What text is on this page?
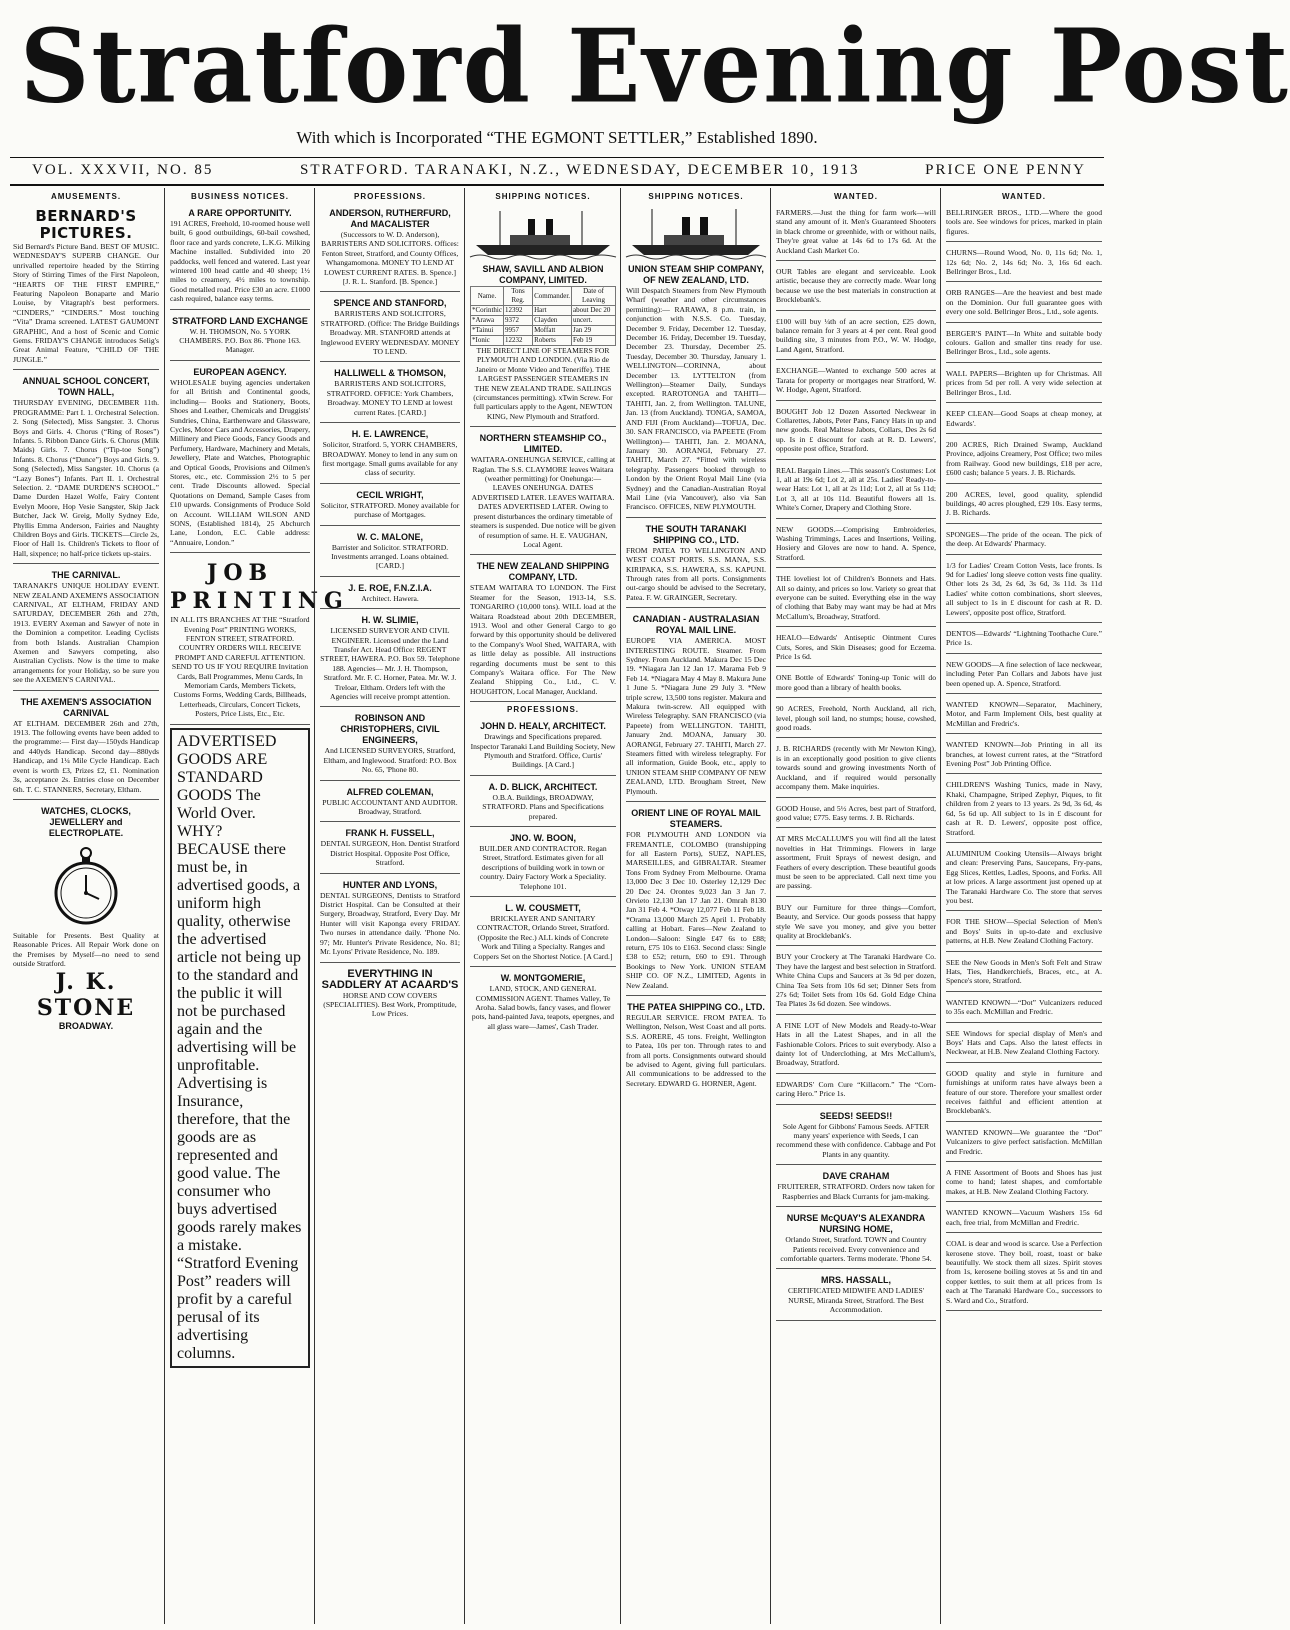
Stratford Evening Post
With which is Incorporated “THE EGMONT SETTLER,” Established 1890.
VOL. XXXVII, NO. 85	STRATFORD. TARANAKI, N.Z., WEDNESDAY, DECEMBER 10, 1913	PRICE ONE PENNY
AMUSEMENTS.
BERNARD'S PICTURES.
Sid Bernard's Picture Band. BEST OF MUSIC. WEDNESDAY'S SUPERB CHANGE. Our unrivalled repertoire headed by the Stirring Story of Stirring Times of the First Napoleon, “HEARTS OF THE FIRST EMPIRE,” Featuring Napoleon Bonaparte and Mario Louise, by Vitagraph's best performers. “CINDERS,” “CINDERS.” Most touching “Vita” Drama screened. LATEST GAUMONT GRAPHIC, And a host of Scenic and Comic Gems. FRIDAY'S CHANGE introduces Selig's Great Animal Feature, “CHILD OF THE JUNGLE.”
ANNUAL SCHOOL CONCERT, TOWN HALL,
THURSDAY EVENING, DECEMBER 11th. PROGRAMME: Part I. 1. Orchestral Selection. 2. Song (Selected), Miss Sangster. 3. Chorus Boys and Girls. 4. Chorus (“Ring of Roses”) Infants. 5. Ribbon Dance Girls. 6. Chorus (Milk Maids) Girls. 7. Chorus (“Tip-toe Song”) Infants. 8. Chorus (“Dunce”) Boys and Girls. 9. Song (Selected), Miss Sangster. 10. Chorus (a “Lazy Bones”) Infants. Part II. 1. Orchestral Selection. 2. “DAME DURDEN'S SCHOOL.” Dame Durden Hazel Wolfe, Fairy Content Evelyn Moore, Hop Vesie Sangster, Skip Jack Butcher, Jack W. Greig, Molly Sydney Ede, Phyllis Emma Anderson, Fairies and Naughty Children Boys and Girls. TICKETS—Circle 2s, Floor of Hall 1s. Children's Tickets to floor of Hall, sixpence; no half-price tickets up-stairs.
THE CARNIVAL.
TARANAKI'S UNIQUE HOLIDAY EVENT. NEW ZEALAND AXEMEN'S ASSOCIATION CARNIVAL, AT ELTHAM, FRIDAY AND SATURDAY, DECEMBER 26th and 27th, 1913. EVERY Axeman and Sawyer of note in the Dominion a competitor. Leading Cyclists from both Islands. Australian Champion Axemen and Sawyers competing, also Australian Cyclists. Now is the time to make arrangements for your Holiday, so be sure you see the AXEMEN'S CARNIVAL.
THE AXEMEN'S ASSOCIATION CARNIVAL
AT ELTHAM. DECEMBER 26th and 27th, 1913. The following events have been added to the programme:— First day—150yds Handicap and 440yds Handicap. Second day—880yds Handicap, and 1¼ Mile Cycle Handicap. Each event is worth £3, Prizes £2, £1. Nomination 3s, acceptance 2s. Entries close on December 6th. T. C. STANNERS, Secretary, Eltham.
WATCHES, CLOCKS, JEWELLERY and ELECTROPLATE.
Suitable for Presents. Best Quality at Reasonable Prices. All Repair Work done on the Premises by Myself—no need to send outside Stratford.
J. K. STONE
BROADWAY.
BUSINESS NOTICES.
A RARE OPPORTUNITY.
191 ACRES, Freehold, 10-roomed house well built, 6 good outbuildings, 60-bail cowshed, floor race and yards concrete, L.K.G. Milking Machine installed. Subdivided into 20 paddocks, well fenced and watered. Last year wintered 100 head cattle and 40 sheep; 1½ miles to creamery, 4½ miles to township. Good metalled road. Price £30 an acre. £1000 cash required, balance easy terms.
STRATFORD LAND EXCHANGE
W. H. THOMSON, No. 5 YORK CHAMBERS. P.O. Box 86. 'Phone 163. Manager.
EUROPEAN AGENCY.
WHOLESALE buying agencies undertaken for all British and Continental goods, including— Books and Stationery, Boots, Shoes and Leather, Chemicals and Druggists' Sundries, China, Earthenware and Glassware, Cycles, Motor Cars and Accessories, Drapery, Millinery and Piece Goods, Fancy Goods and Perfumery, Hardware, Machinery and Metals, Jewellery, Plate and Watches, Photographic and Optical Goods, Provisions and Oilmen's Stores, etc., etc. Commission 2½ to 5 per cent. Trade Discounts allowed. Special Quotations on Demand, Sample Cases from £10 upwards. Consignments of Produce Sold on Account. WILLIAM WILSON AND SONS, (Established 1814), 25 Abchurch Lane, London, E.C. Cable address: “Annuaire, London.”
JOB PRINTING
IN ALL ITS BRANCHES AT THE “Stratford Evening Post” PRINTING WORKS, FENTON STREET, STRATFORD. COUNTRY ORDERS WILL RECEIVE PROMPT AND CAREFUL ATTENTION. SEND TO US IF YOU REQUIRE Invitation Cards, Ball Programmes, Menu Cards, In Memoriam Cards, Members Tickets, Customs Forms, Wedding Cards, Billheads, Letterheads, Circulars, Concert Tickets, Posters, Price Lists, Etc., Etc.
ADVERTISED GOODS ARE STANDARD GOODS The World Over. WHY?
BECAUSE there must be, in advertised goods, a uniform high quality, otherwise the advertised article not being up to the standard and the public it will not be purchased again and the advertising will be unprofitable. Advertising is Insurance, therefore, that the goods are as represented and good value. The consumer who buys advertised goods rarely makes a mistake. “Stratford Evening Post” readers will profit by a careful perusal of its advertising columns.
PROFESSIONS.
ANDERSON, RUTHERFURD, And MACALISTER
(Successors to W. D. Anderson), BARRISTERS AND SOLICITORS. Offices: Fenton Street, Stratford, and County Offices, Whangamomona. MONEY TO LEND AT LOWEST CURRENT RATES. B. Spence.] [J. R. L. Stanford. [B. Spence.]
SPENCE AND STANFORD,
BARRISTERS AND SOLICITORS, STRATFORD. (Office: The Bridge Buildings Broadway. MR. STANFORD attends at Inglewood EVERY WEDNESDAY. MONEY TO LEND.
HALLIWELL & THOMSON,
BARRISTERS AND SOLICITORS, STRATFORD. OFFICE: York Chambers, Broadway. MONEY TO LEND at lowest current Rates. [CARD.]
H. E. LAWRENCE,
Solicitor, Stratford. 5, YORK CHAMBERS, BROADWAY. Money to lend in any sum on first mortgage. Small gums available for any class of security.
CECIL WRIGHT,
Solicitor, STRATFORD. Money available for purchase of Mortgages.
W. C. MALONE,
Barrister and Solicitor. STRATFORD. Investments arranged. Loans obtained. [CARD.]
J. E. ROE, F.N.Z.I.A.
Architect. Hawera.
H. W. SLIMIE,
LICENSED SURVEYOR AND CIVIL ENGINEER. Licensed under the Land Transfer Act. Head Office: REGENT STREET, HAWERA. P.O. Box 59. Telephone 188. Agencies— Mr. J. H. Thompson, Stratford. Mr. F. C. Horner, Patea. Mr. W. J. Treloar, Eltham. Orders left with the Agencies will receive prompt attention.
ROBINSON AND CHRISTOPHERS, CIVIL ENGINEERS,
And LICENSED SURVEYORS, Stratford, Eltham, and Inglewood. Stratford: P.O. Box No. 65, 'Phone 80.
ALFRED COLEMAN,
PUBLIC ACCOUNTANT AND AUDITOR. Broadway, Stratford.
FRANK H. FUSSELL,
DENTAL SURGEON, Hon. Dentist Stratford District Hospital. Opposite Post Office, Stratford.
HUNTER AND LYONS,
DENTAL SURGEONS, Dentists to Stratford District Hospital. Can be Consulted at their Surgery, Broadway, Stratford, Every Day. Mr Hunter will visit Kaponga every FRIDAY. Two nurses in attendance daily. 'Phone No. 97; Mr. Hunter's Private Residence, No. 81; Mr. Lyons' Private Residence, No. 189.
EVERYTHING IN SADDLERY AT ACAARD'S
HORSE AND COW COVERS (SPECIALITIES). Best Work, Promptitude, Low Prices.
SHIPPING NOTICES.
SHAW, SAVILL AND ALBION COMPANY, LIMITED.
Name.	Tons Reg.	Commander.	Date of Leaving
*Corinthic	12392	Hart	about Dec 20
*Arawa	9372	Clayden	uncert.
*Tainui	9957	Moffatt	Jan 29
*Ionic	12232	Roberts	Feb 19
THE DIRECT LINE OF STEAMERS FOR PLYMOUTH AND LONDON. (Via Rio de Janeiro or Monte Video and Teneriffe). THE LARGEST PASSENGER STEAMERS IN THE NEW ZEALAND TRADE. SAILINGS (circumstances permitting). xTwin Screw. For full particulars apply to the Agent, NEWTON KING, New Plymouth and Stratford.
NORTHERN STEAMSHIP CO., LIMITED.
WAITARA-ONEHUNGA SERVICE, calling at Raglan. The S.S. CLAYMORE leaves Waitara (weather permitting) for Onehunga:— LEAVES ONEHUNGA. DATES ADVERTISED LATER. LEAVES WAITARA. DATES ADVERTISED LATER. Owing to present disturbances the ordinary timetable of steamers is suspended. Due notice will be given of resumption of same. H. E. VAUGHAN, Local Agent.
THE NEW ZEALAND SHIPPING COMPANY, LTD.
STEAM WAITARA TO LONDON. The First Steamer for the Season, 1913-14, S.S. TONGARIRO (10,000 tons). WILL load at the Waitara Roadstead about 20th DECEMBER, 1913. Wool and other General Cargo to go forward by this opportunity should be delivered to the Company's Wool Shed, WAITARA, with as little delay as possible. All instructions regarding documents must be sent to this Company's Waitara office. For The New Zealand Shipping Co., Ltd., C. V. HOUGHTON, Local Manager, Auckland.
PROFESSIONS.
JOHN D. HEALY, ARCHITECT.
Drawings and Specifications prepared. Inspector Taranaki Land Building Society, New Plymouth and Stratford. Office, Curtis' Buildings. [A Card.]
A. D. BLICK, ARCHITECT.
O.B.A. Buildings, BROADWAY, STRATFORD. Plans and Specifications prepared.
JNO. W. BOON,
BUILDER AND CONTRACTOR. Regan Street, Stratford. Estimates given for all descriptions of building work in town or country. Dairy Factory Work a Speciality. Telephone 101.
L. W. COUSMETT,
BRICKLAYER AND SANITARY CONTRACTOR, Orlando Street, Stratford. (Opposite the Rec.) ALL kinds of Concrete Work and Tiling a Specialty. Ranges and Coppers Set on the Shortest Notice. [A Card.]
W. MONTGOMERIE,
LAND, STOCK, AND GENERAL COMMISSION AGENT. Thames Valley, Te Aroha. Salad bowls, fancy vases, and flower pots, hand-painted Java, teapots, epergnes, and all glass ware—James', Cash Trader.
SHIPPING NOTICES.
UNION STEAM SHIP COMPANY, OF NEW ZEALAND, LTD.
Will Despatch Steamers from New Plymouth Wharf (weather and other circumstances permitting):— RARAWA, 8 p.m. train, in conjunction with N.S.S. Co. Tuesday, December 9. Friday, December 12. Tuesday, December 16. Friday, December 19. Tuesday, December 23. Thursday, December 25. Tuesday, December 30. Thursday, January 1. WELLINGTON—CORINNA, about December 13. LYTTELTON (from Wellington)—Steamer Daily, Sundays excepted. RAROTONGA and TAHITI—TAHITI, Jan. 2, from Wellington. TALUNE, Jan. 13 (from Auckland). TONGA, SAMOA, AND FIJI (From Auckland)—TOFUA, Dec. 30. SAN FRANCISCO, via PAPEETE (From Wellington)— TAHITI, Jan. 2. MOANA, January 30. AORANGI, February 27. TAHITI, March 27. *Fitted with wireless telegraphy. Passengers booked through to London by the Orient Royal Mail Line (via Sydney) and the Canadian-Australian Royal Mail Line (via Vancouver), also via San Francisco. OFFICES, NEW PLYMOUTH.
THE SOUTH TARANAKI SHIPPING CO., LTD.
FROM PATEA TO WELLINGTON AND WEST COAST PORTS. S.S. MANA, S.S. KIRIPAKA, S.S. HAWERA, S.S. KAPUNI. Through rates from all ports. Consignments out-cargo should be advised to the Secretary, Patea. F. W. GRAINGER, Secretary.
CANADIAN - AUSTRALASIAN ROYAL MAIL LINE.
EUROPE VIA AMERICA. MOST INTERESTING ROUTE. Steamer. From Sydney. From Auckland. Makura Dec 15 Dec 19. *Niagara Jan 12 Jan 17. Marama Feb 9 Feb 14. *Niagara May 4 May 8. Makura June 1 June 5. *Niagara June 29 July 3. *New triple screw, 13,500 tons register. Makura and Makura twin-screw. All equipped with Wireless Telegraphy. SAN FRANCISCO (via Papeete) from WELLINGTON. TAHITI, January 2nd. MOANA, January 30. AORANGI, February 27. TAHITI, March 27. Steamers fitted with wireless telegraphy. For all information, Guide Book, etc., apply to UNION STEAM SHIP COMPANY OF NEW ZEALAND, LTD. Brougham Street, New Plymouth.
ORIENT LINE OF ROYAL MAIL STEAMERS.
FOR PLYMOUTH AND LONDON via FREMANTLE, COLOMBO (transhipping for all Eastern Ports), SUEZ, NAPLES, MARSEILLES, and GIBRALTAR. Steamer Tons From Sydney From Melbourne. Orama 13,000 Dec 3 Dec 10. Osterley 12,129 Dec 20 Dec 24. Orontes 9,023 Jan 3 Jan 7. Orvieto 12,130 Jan 17 Jan 21. Omrah 8130 Jan 31 Feb 4. *Otway 12,077 Feb 11 Feb 18. *Orama 13,000 March 25 April 1. Probably calling at Hobart. Fares—New Zealand to London—Saloon: Single £47 6s to £88; return, £75 10s to £163. Second class: Single £38 to £52; return, £60 to £91. Through Bookings to New York. UNION STEAM SHIP CO. OF N.Z., LIMITED, Agents in New Zealand.
THE PATEA SHIPPING CO., LTD.
REGULAR SERVICE. FROM PATEA. To Wellington, Nelson, West Coast and all ports. S.S. AORERE, 45 tons. Freight, Wellington to Patea, 10s per ton. Through rates to and from all ports. Consignments outward should be advised to Agent, giving full particulars. All communications to be addressed to the Secretary. EDWARD G. HORNER, Agent.
WANTED.
FARMERS.—Just the thing for farm work—will stand any amount of it. Men's Guaranteed Shooters in black chrome or greenhide, with or without nails, They're great value at 14s 6d to 17s 6d. At the Auckland Cash Market Co.
OUR Tables are elegant and serviceable. Look artistic, because they are correctly made. Wear long because we use the best materials in construction at Brocklebank's.
£100 will buy ¼th of an acre section, £25 down, balance remain for 3 years at 4 per cent. Real good building site, 3 minutes from P.O., W. W. Hodge, Land Agent, Stratford.
EXCHANGE—Wanted to exchange 500 acres at Tarata for property or mortgages near Stratford, W. W. Hodge, Agent, Stratford.
BOUGHT Job 12 Dozen Assorted Neckwear in Collarettes, Jabots, Peter Pans, Fancy Hats in up and new goods. Real Maltese Jabots, Collars, Des 2s 6d up. Is in £ discount for cash at R. D. Lewers', opposite post office, Stratford.
REAL Bargain Lines.—This season's Costumes: Lot 1, all at 19s 6d; Lot 2, all at 25s. Ladies' Ready-to-wear Hats: Lot 1, all at 2s 11d; Lot 2, all at 5s 11d; Lot 3, all at 10s 11d. Beautiful flowers all 1s. White's Corner, Drapery and Clothing Store.
NEW GOODS.—Comprising Embroideries, Washing Trimmings, Laces and Insertions, Veiling, Hosiery and Gloves are now to hand. A. Spence, Stratford.
THE loveliest lot of Children's Bonnets and Hats. All so dainty, and prices so low. Variety so great that everyone can be suited. Everything else in the way of clothing that Baby may want may be had at Mrs McCallum's, Broadway, Stratford.
HEALO—Edwards' Antiseptic Ointment Cures Cuts, Sores, and Skin Diseases; good for Eczema. Price 1s 6d.
ONE Bottle of Edwards' Toning-up Tonic will do more good than a library of health books.
90 ACRES, Freehold, North Auckland, all rich, level, plough soil land, no stumps; house, cowshed, good roads.
J. B. RICHARDS (recently with Mr Newton King), is in an exceptionally good position to give clients towards sound and growing investments North of Auckland, and if required would personally accompany them. Make inquiries.
GOOD House, and 5½ Acres, best part of Stratford, good value; £775. Easy terms. J. B. Richards.
AT MRS McCALLUM'S you will find all the latest novelties in Hat Trimmings. Flowers in large assortment, Fruit Sprays of newest design, and Feathers of every description. These beautiful goods must be seen to be appreciated. Call next time you are passing.
BUY our Furniture for three things—Comfort, Beauty, and Service. Our goods possess that happy style We save you money, and give you better quality at Brocklebank's.
BUY your Crockery at The Taranaki Hardware Co. They have the largest and best selection in Stratford. White China Cups and Saucers at 3s 9d per dozen, China Tea Sets from 10s 6d set; Dinner Sets from 27s 6d; Toilet Sets from 10s 6d. Gold Edge China Tea Plates 3s 6d dozen. See windows.
A FINE LOT of New Models and Ready-to-Wear Hats in all the Latest Shapes, and in all the Fashionable Colors. Prices to suit everybody. Also a dainty lot of Underclothing, at Mrs McCallum's, Broadway, Stratford.
EDWARDS' Corn Cure “Killacorn.” The “Corn-caring Hero.” Price 1s.
SEEDS! SEEDS!!
Sole Agent for Gibbons' Famous Seeds. AFTER many years' experience with Seeds, I can recommend these with confidence. Cabbage and Pot Plants in any quantity.
DAVE CRAHAM
FRUITERER, STRATFORD. Orders now taken for Raspberries and Black Currants for jam-making.
NURSE McQUAY'S ALEXANDRA NURSING HOME,
Orlando Street, Stratford. TOWN and Country Patients received. Every convenience and comfortable quarters. Terms moderate. 'Phone 54.
MRS. HASSALL,
CERTIFICATED MIDWIFE AND LADIES' NURSE, Miranda Street, Stratford. The Best Accommodation.
WANTED.
BELLRINGER BROS., LTD.—Where the good tools are. See windows for prices, marked in plain figures.
CHURNS—Round Wood, No. 0, 11s 6d; No. 1, 12s 6d; No. 2, 14s 6d; No. 3, 16s 6d each. Bellringer Bros., Ltd.
ORB RANGES—Are the heaviest and best made on the Dominion. Our full guarantee goes with every one sold. Bellringer Bros., Ltd., sole agents.
BERGER'S PAINT—In White and suitable body colours. Gallon and smaller tins ready for use. Bellringer Bros., Ltd., sole agents.
WALL PAPERS—Brighten up for Christmas. All prices from 5d per roll. A very wide selection at Bellringer Bros., Ltd.
KEEP CLEAN—Good Soaps at cheap money, at Edwards'.
200 ACRES, Rich Drained Swamp, Auckland Province, adjoins Creamery, Post Office; two miles from Railway. Good new buildings, £18 per acre, £600 cash; balance 5 years. J. B. Richards.
200 ACRES, level, good quality, splendid buildings, 40 acres ploughed, £29 10s. Easy terms, J. B. Richards.
SPONGES—The pride of the ocean. The pick of the deep. At Edwards' Pharmacy.
1/3 for Ladies' Cream Cotton Vests, lace fronts. Is 9d for Ladies' long sleeve cotton vests fine quality. Other lots 2s 3d, 2s 6d, 3s 6d, 3s 11d. 3s 11d Ladies' white cotton combinations, short sleeves, all subject to 1s in £ discount for cash at R. D. Lewers', opposite post office, Stratford.
DENTOS—Edwards' “Lightning Toothache Cure.” Price 1s.
NEW GOODS—A fine selection of lace neckwear, including Peter Pan Collars and Jabots have just been opened up. A. Spence, Stratford.
WANTED KNOWN—Separator, Machinery, Motor, and Farm Implement Oils, best quality at McMillan and Fredric's.
WANTED KNOWN—Job Printing in all its branches, at lowest current rates, at the “Stratford Evening Post” Job Printing Office.
CHILDREN'S Washing Tunics, made in Navy, Khaki, Champagne, Striped Zephyr, Piques, to fit children from 2 years to 13 years. 2s 9d, 3s 6d, 4s 6d, 5s 6d up. All subject to 1s in £ discount for cash at R. D. Lewers', opposite post office, Stratford.
ALUMINIUM Cooking Utensils—Always bright and clean: Preserving Pans, Saucepans, Fry-pans, Egg Slices, Kettles, Ladles, Spoons, and Forks. All at low prices. A large assortment just opened up at The Taranaki Hardware Co. The store that serves you best.
FOR THE SHOW—Special Selection of Men's and Boys' Suits in up-to-date and exclusive patterns, at H.B. New Zealand Clothing Factory.
SEE the New Goods in Men's Soft Felt and Straw Hats, Ties, Handkerchiefs, Braces, etc., at A. Spence's store, Stratford.
WANTED KNOWN—“Dot” Vulcanizers reduced to 35s each. McMillan and Fredric.
SEE Windows for special display of Men's and Boys' Hats and Caps. Also the latest effects in Neckwear, at H.B. New Zealand Clothing Factory.
GOOD quality and style in furniture and furnishings at uniform rates have always been a feature of our store. Therefore your smallest order receives faithful and efficient attention at Brocklebank's.
WANTED KNOWN—We guarantee the “Dot” Vulcanizers to give perfect satisfaction. McMillan and Fredric.
A FINE Assortment of Boots and Shoes has just come to hand; latest shapes, and comfortable makes, at H.B. New Zealand Clothing Factory.
WANTED KNOWN—Vacuum Washers 15s 6d each, free trial, from McMillan and Fredric.
COAL is dear and wood is scarce. Use a Perfection kerosene stove. They boil, roast, toast or bake beautifully. We stock them all sizes. Spirit stoves from 1s, kerosene boiling stoves at 5s and tin and copper kettles, to suit them at all prices from 1s each at The Taranaki Hardware Co., successors to S. Ward and Co., Stratford.
